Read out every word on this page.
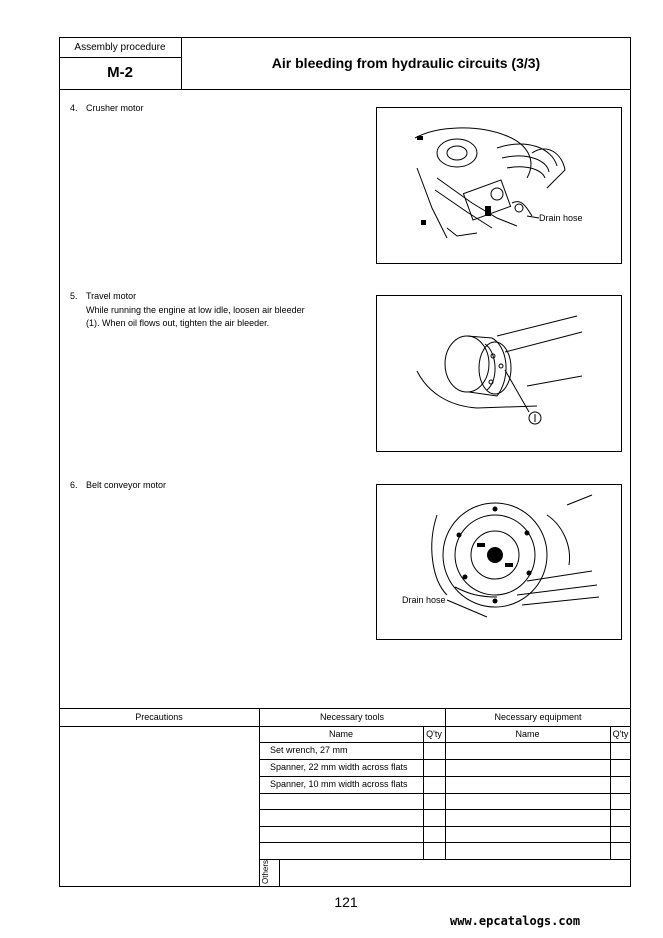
Assembly procedure
M-2
Air bleeding from hydraulic circuits (3/3)
4. Crusher motor
Drain hose
5. Travel motor
While running the engine at low idle, loosen air bleeder
(1). When oil flows out, tighten the air bleeder.
6. Belt conveyor motor
Drain hose
Precautions	Necessary tools	Necessary equipment
Name	Q'ty	Name	Q'ty
Set wrench, 27 mm
Spanner, 22 mm width across flats
Spanner, 10 mm width across flats
Others
121
www.epcatalogs.com
